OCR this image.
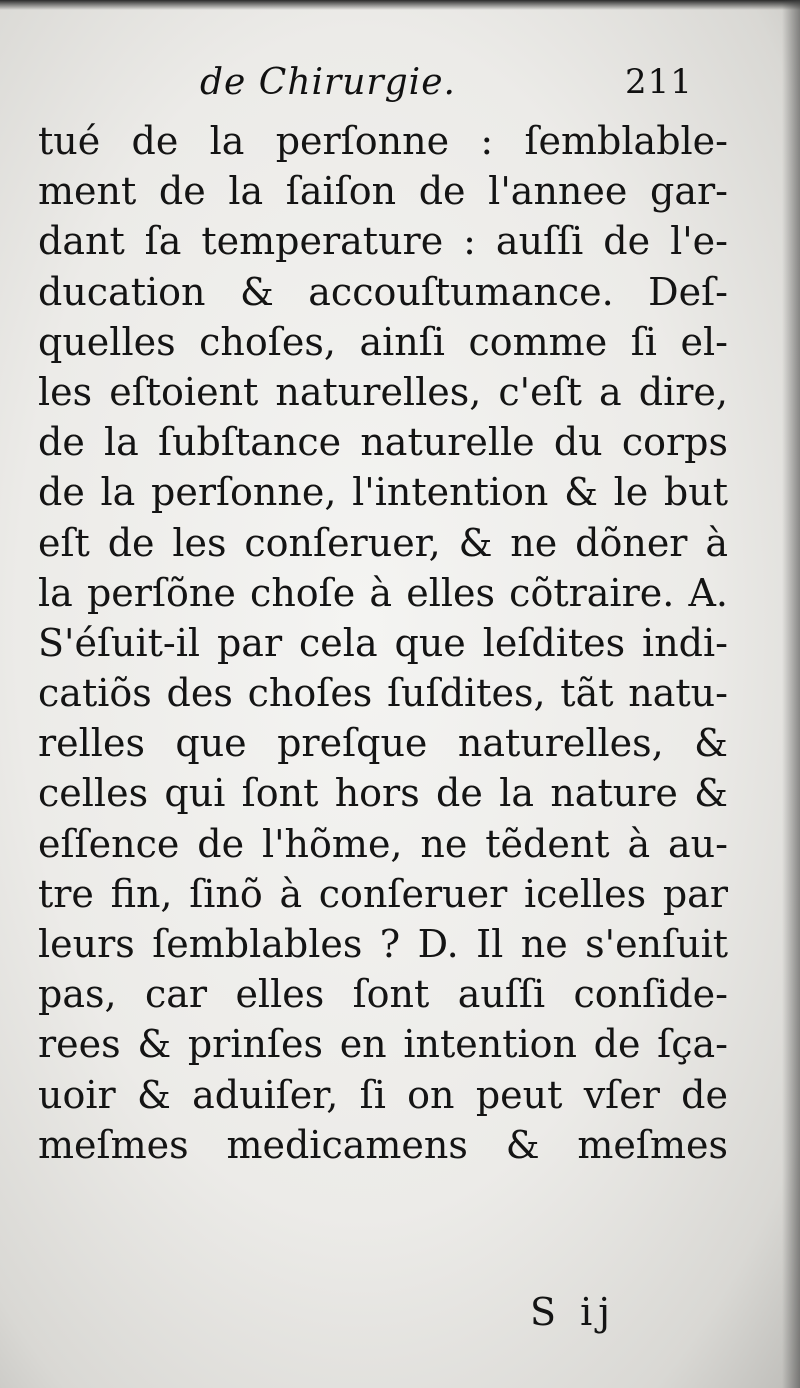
de Chirurgie.	211
tué de la perſonne : ſemblable-
ment de la ſaiſon de l'annee gar-
dant ſa temperature : auſſi de l'e-
ducation & accouſtumance. Deſ-
quelles choſes, ainſi comme ſi el-
les eſtoient naturelles, c'eſt a dire,
de la ſubſtance naturelle du corps
de la perſonne, l'intention & le but
eſt de les conſeruer, & ne dõner à
la perſõne choſe à elles cõtraire. A.
S'éſuit-il par cela que leſdites indi-
catiõs des choſes ſuſdites, tãt natu-
relles que preſque naturelles, &
celles qui ſont hors de la nature &
eſſence de l'hõme, ne tẽdent à au-
tre fin, ſinõ à conſeruer icelles par
leurs ſemblables ? D. Il ne s'enſuit
pas, car elles ſont auſſi conſide-
rees & prinſes en intention de ſça-
uoir & aduiſer, ſi on peut vſer de
meſmes medicamens & meſmes
S ij
